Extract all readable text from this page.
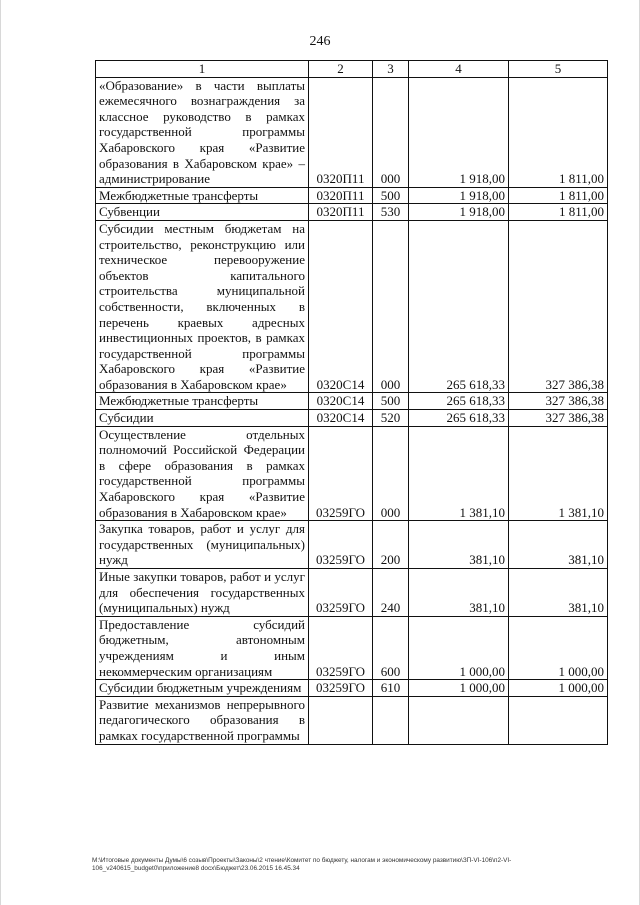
246
1	2	3	4	5
«Образование» в части выплаты ежемесячного вознаграждения за классное руководство в рамках государственной программы Хабаровского края «Развитие образования в Хабаровском крае» – администрирование	0320П11	000	1 918,00	1 811,00
Межбюджетные трансферты	0320П11	500	1 918,00	1 811,00
Субвенции	0320П11	530	1 918,00	1 811,00
Субсидии местным бюджетам на строительство, реконструкцию или техническое перевооружение объектов капитального строительства муниципальной собственности, включенных в перечень краевых адресных инвестиционных проектов, в рамках государственной программы Хабаровского края «Развитие образования в Хабаровском крае»	0320С14	000	265 618,33	327 386,38
Межбюджетные трансферты	0320С14	500	265 618,33	327 386,38
Субсидии	0320С14	520	265 618,33	327 386,38
Осуществление отдельных полномочий Российской Федерации в сфере образования в рамках государственной программы Хабаровского края «Развитие образования в Хабаровском крае»	03259ГО	000	1 381,10	1 381,10
Закупка товаров, работ и услуг для государственных (муниципальных) нужд	03259ГО	200	381,10	381,10
Иные закупки товаров, работ и услуг для обеспечения государственных (муниципальных) нужд	03259ГО	240	381,10	381,10
Предоставление субсидий бюджетным, автономным учреждениям и иным некоммерческим организациям	03259ГО	600	1 000,00	1 000,00
Субсидии бюджетным учреждениям	03259ГО	610	1 000,00	1 000,00
Развитие механизмов непрерывного педагогического образования в рамках государственной программы				
M:\Итоговые документы Думы\6 созыв\Проекты\Законы\2 чтение\Комитет по бюджету, налогам и экономическому развитию\ЗП-VI-106\п2-VI-
106_v240615_budget0\приложение8 docx\Бюджет\23.06.2015 16.45.34
